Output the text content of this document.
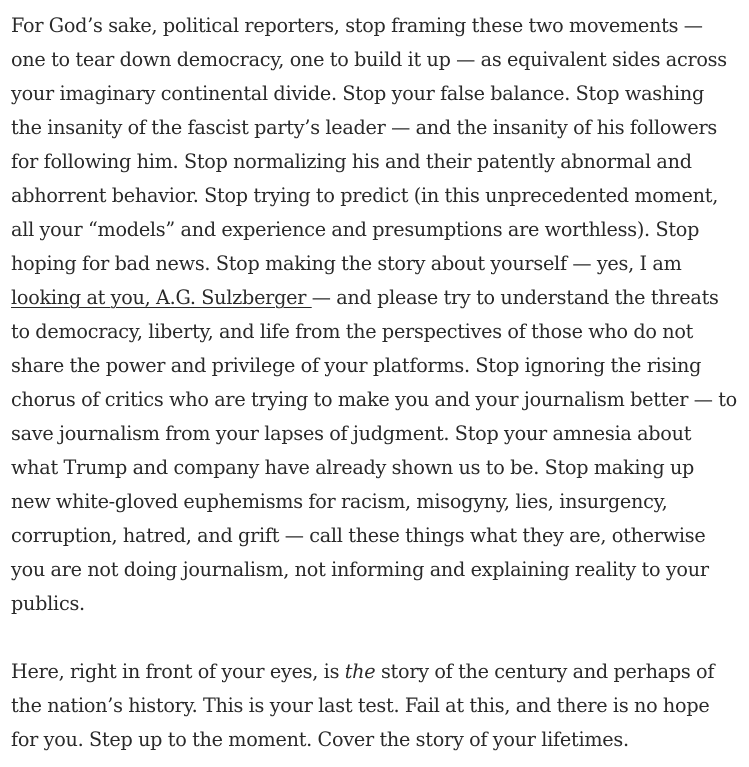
For God’s sake, political reporters, stop framing these two movements — one to tear down democracy, one to build it up — as equivalent sides across your imaginary continental divide. Stop your false balance. Stop washing the insanity of the fascist party’s leader — and the insanity of his followers for following him. Stop normalizing his and their patently abnormal and abhorrent behavior. Stop trying to predict (in this unprecedented moment, all your “models” and experience and presumptions are worthless). Stop hoping for bad news. Stop making the story about yourself — yes, I am looking at you, A.G. Sulzberger — and please try to understand the threats to democracy, liberty, and life from the perspectives of those who do not share the power and privilege of your platforms. Stop ignoring the rising chorus of critics who are trying to make you and your journalism better — to save journalism from your lapses of judgment. Stop your amnesia about what Trump and company have already shown us to be. Stop making up new white-gloved euphemisms for racism, misogyny, lies, insurgency, corruption, hatred, and grift — call these things what they are, otherwise you are not doing journalism, not informing and explaining reality to your publics.

Here, right in front of your eyes, is the story of the century and perhaps of the nation’s history. This is your last test. Fail at this, and there is no hope for you. Step up to the moment. Cover the story of your lifetimes.
